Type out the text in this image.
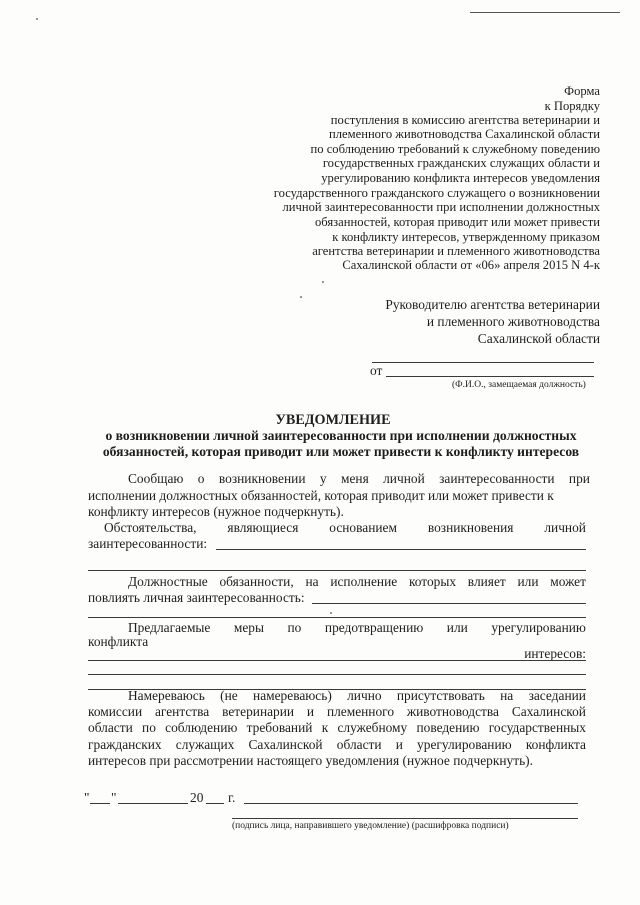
Форма
к Порядку
поступления в комиссию агентства ветеринарии и
племенного животноводства Сахалинской области
по соблюдению требований к служебному поведению
государственных гражданских служащих области и
урегулированию конфликта интересов уведомления
государственного гражданского служащего о возникновении
личной заинтересованности при исполнении должностных
обязанностей, которая приводит или может привести
к конфликту интересов, утвержденному приказом
агентства ветеринарии и племенного животноводства
Сахалинской области от «06» апреля 2015 N 4-к
Руководителю агентства ветеринарии
и племенного животноводства
Сахалинской области
от
(Ф.И.О., замещаемая должность)
УВЕДОМЛЕНИЕ
о возникновении личной заинтересованности при исполнении должностных
обязанностей, которая приводит или может привести к конфликту интересов
Сообщаю о возникновении у меня личной заинтересованности при
исполнении должностных обязанностей, которая приводит или может привести к
конфликту интересов (нужное подчеркнуть).
Обстоятельства, являющиеся основанием возникновения личной
заинтересованности:
Должностные обязанности, на исполнение которых влияет или может
повлиять личная заинтересованность:
Предлагаемые меры по предотвращению или урегулированию
конфликта
интересов:
Намереваюсь (не намереваюсь) лично присутствовать на заседании
комиссии агентства ветеринарии и племенного животноводства Сахалинской
области по соблюдению требований к служебному поведению государственных
гражданских служащих Сахалинской области и урегулированию конфликта
интересов при рассмотрении настоящего уведомления (нужное подчеркнуть).
" "	20 г.
(подпись лица, направившего уведомление) (расшифровка подписи)
